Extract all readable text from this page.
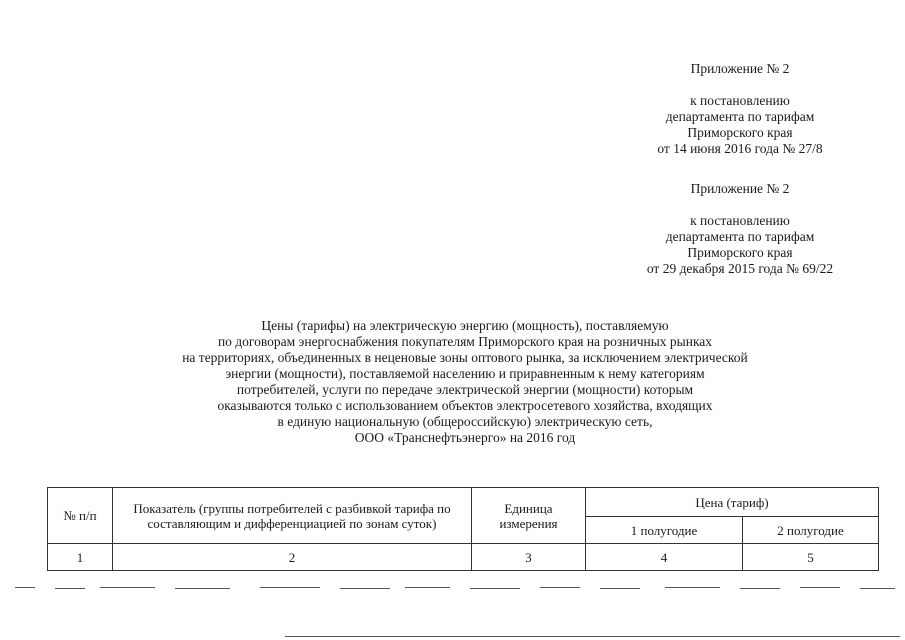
Приложение № 2
к постановлению
департамента по тарифам
Приморского края
от 14 июня 2016 года № 27/8
Приложение № 2
к постановлению
департамента по тарифам
Приморского края
от 29 декабря 2015 года № 69/22
Цены (тарифы) на электрическую энергию (мощность), поставляемую
по договорам энергоснабжения покупателям Приморского края на розничных рынках
на территориях, объединенных в неценовые зоны оптового рынка, за исключением электрической
энергии (мощности), поставляемой населению и приравненным к нему категориям
потребителей, услуги по передаче электрической энергии (мощности) которым
оказываются только с использованием объектов электросетевого хозяйства, входящих
в единую национальную (общероссийскую) электрическую сеть,
ООО «Транснефтьэнерго» на 2016 год
№ п/п	Показатель (группы потребителей с разбивкой тарифа по составляющим и дифференциацией по зонам суток)	Единица измерения	Цена (тариф)	
			1 полугодие	2 полугодие
1	2	3	4	5
